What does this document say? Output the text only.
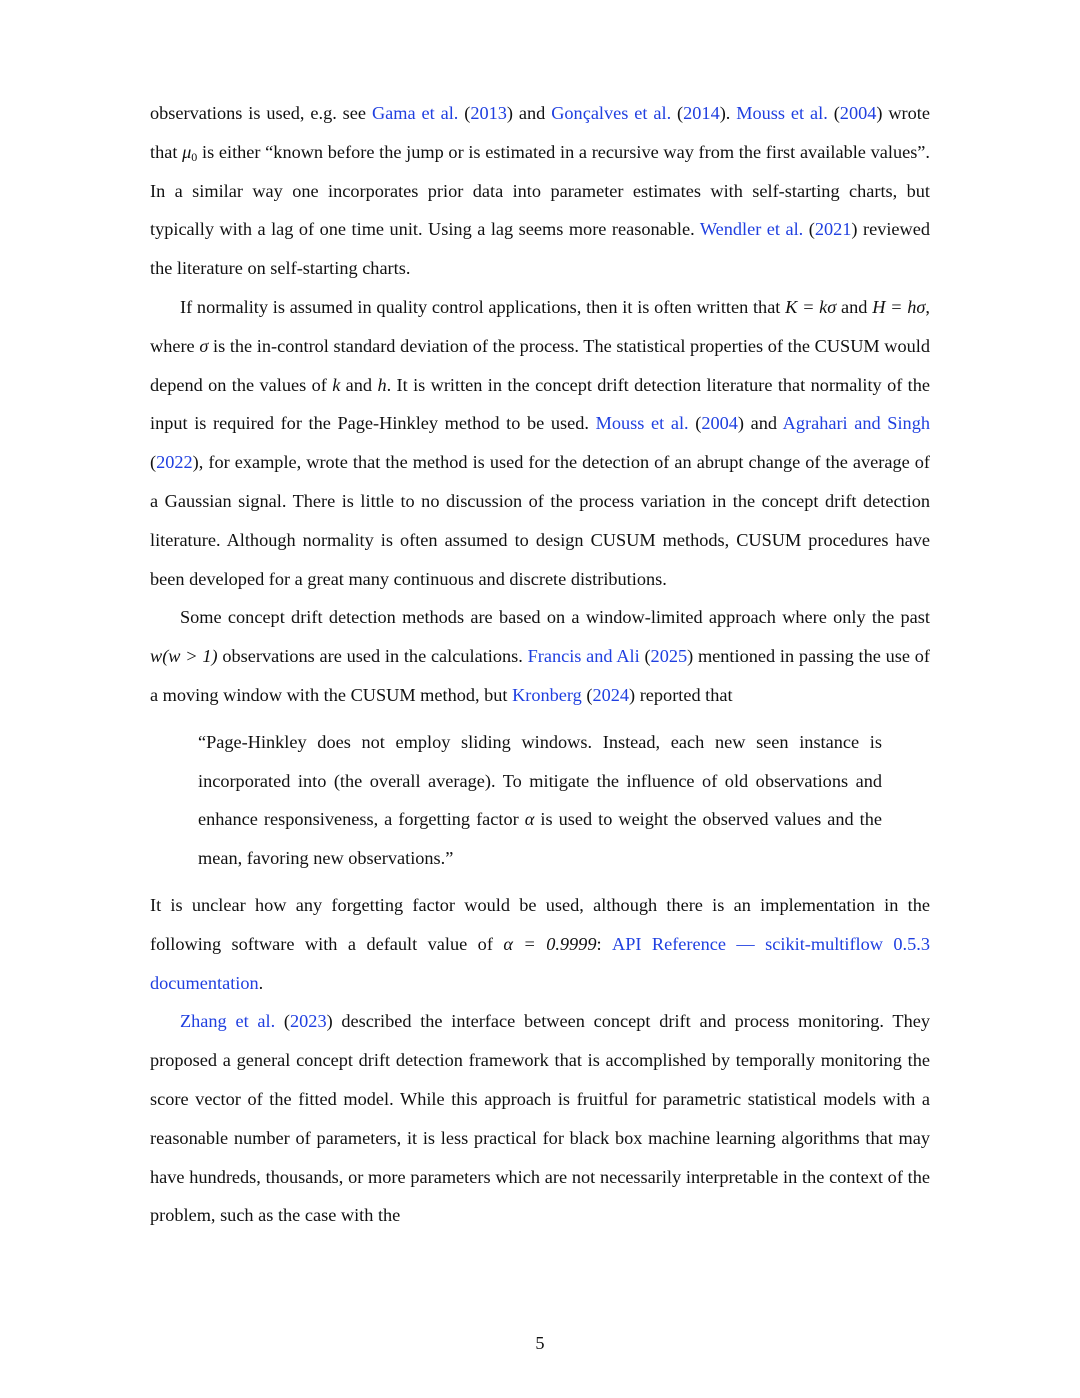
observations is used, e.g. see Gama et al. (2013) and Gonçalves et al. (2014). Mouss et al. (2004) wrote that $\mu_0$ is either “known before the jump or is estimated in a recursive way from the first available values”. In a similar way one incorporates prior data into parameter estimates with self-starting charts, but typically with a lag of one time unit. Using a lag seems more reasonable. Wendler et al. (2021) reviewed the literature on self-starting charts.

If normality is assumed in quality control applications, then it is often written that K = kσ and H = hσ, where σ is the in-control standard deviation of the process. The statistical properties of the CUSUM would depend on the values of k and h. It is written in the concept drift detection literature that normality of the input is required for the Page-Hinkley method to be used. Mouss et al. (2004) and Agrahari and Singh (2022), for example, wrote that the method is used for the detection of an abrupt change of the average of a Gaussian signal. There is little to no discussion of the process variation in the concept drift detection literature. Although normality is often assumed to design CUSUM methods, CUSUM procedures have been developed for a great many continuous and discrete distributions.

Some concept drift detection methods are based on a window-limited approach where only the past w(w > 1) observations are used in the calculations. Francis and Ali (2025) mentioned in passing the use of a moving window with the CUSUM method, but Kronberg (2024) reported that

“Page-Hinkley does not employ sliding windows. Instead, each new seen instance is incorporated into (the overall average). To mitigate the influence of old observations and enhance responsiveness, a forgetting factor α is used to weight the observed values and the mean, favoring new observations.”

It is unclear how any forgetting factor would be used, although there is an implementation in the following software with a default value of α = 0.9999: API Reference — scikit-multiflow 0.5.3 documentation.

Zhang et al. (2023) described the interface between concept drift and process monitoring. They proposed a general concept drift detection framework that is accomplished by temporally monitoring the score vector of the fitted model. While this approach is fruitful for parametric statistical models with a reasonable number of parameters, it is less practical for black box machine learning algorithms that may have hundreds, thousands, or more parameters which are not necessarily interpretable in the context of the problem, such as the case with the

5
